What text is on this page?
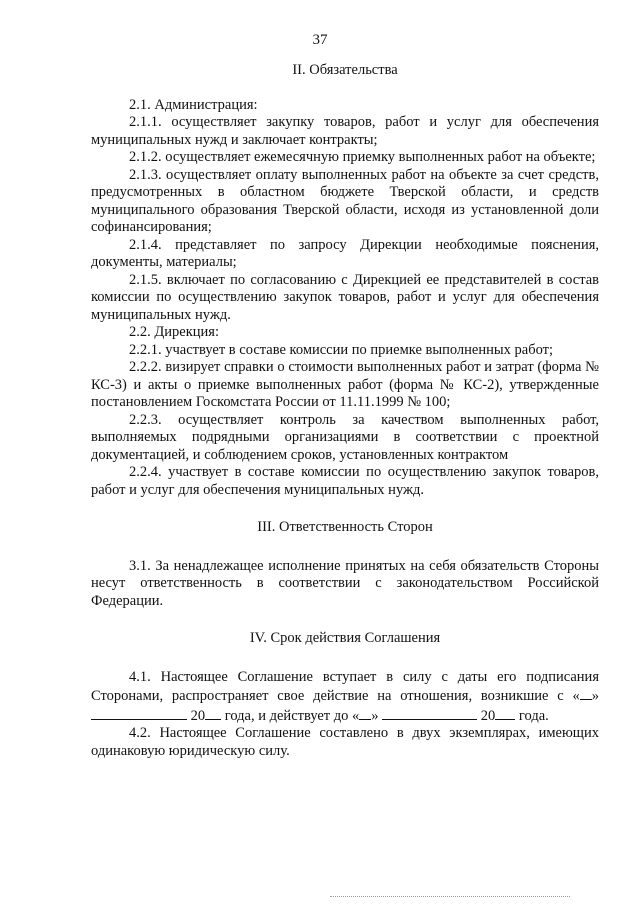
37

II. Обязательства

2.1. Администрация:

2.1.1. осуществляет закупку товаров, работ и услуг для обеспечения муниципальных нужд и заключает контракты;

2.1.2. осуществляет ежемесячную приемку выполненных работ на объекте;

2.1.3. осуществляет оплату выполненных работ на объекте за счет средств, предусмотренных в областном бюджете Тверской области, и средств муниципального образования Тверской области, исходя из установленной доли софинансирования;

2.1.4. представляет по запросу Дирекции необходимые пояснения, документы, материалы;

2.1.5. включает по согласованию с Дирекцией ее представителей в состав комиссии по осуществлению закупок товаров, работ и услуг для обеспечения муниципальных нужд.

2.2. Дирекция:

2.2.1. участвует в составе комиссии по приемке выполненных работ;

2.2.2. визирует справки о стоимости выполненных работ и затрат (форма № КС-3) и акты о приемке выполненных работ (форма № КС-2), утвержденные постановлением Госкомстата России от 11.11.1999 № 100;

2.2.3. осуществляет контроль за качеством выполненных работ, выполняемых подрядными организациями в соответствии с проектной документацией, и соблюдением сроков, установленных контрактом

2.2.4. участвует в составе комиссии по осуществлению закупок товаров, работ и услуг для обеспечения муниципальных нужд.

III. Ответственность Сторон

3.1. За ненадлежащее исполнение принятых на себя обязательств Стороны несут ответственность в соответствии с законодательством Российской Федерации.

IV. Срок действия Соглашения

4.1. Настоящее Соглашение вступает в силу с даты его подписания Сторонами, распространяет свое действие на отношения, возникшие с « »  20 года, и действует до « »	20 года.

4.2. Настоящее Соглашение составлено в двух экземплярах, имеющих одинаковую юридическую силу.
